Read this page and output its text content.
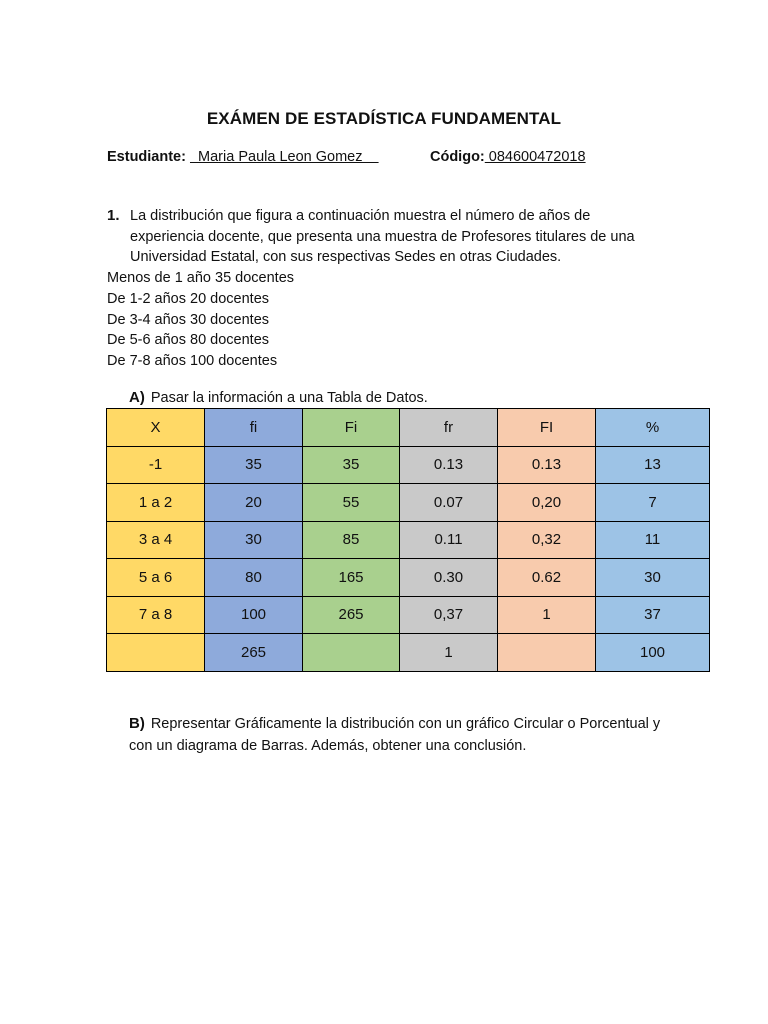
EXÁMEN DE ESTADÍSTICA FUNDAMENTAL
Estudiante:   Maria Paula Leon Gomez	Código: 084600472018
1. La distribución que figura a continuación muestra el número de años de experiencia docente, que presenta una muestra de Profesores titulares de una Universidad Estatal, con sus respectivas Sedes en otras Ciudades.
Menos de 1 año 35 docentes
De 1-2 años 20 docentes
De 3-4 años 30 docentes
De 5-6 años 80 docentes
De 7-8 años 100 docentes
A) Pasar la información a una Tabla de Datos.
X	fi	Fi	fr	FI	%
-1	35	35	0.13	0.13	13
1 a 2	20	55	0.07	0,20	7
3 a 4	30	85	0.11	0,32	11
5 a 6	80	165	0.30	0.62	30
7 a 8	100	265	0,37	1	37
	265		1		100
B) Representar Gráficamente la distribución con un gráfico Circular o Porcentual y con un diagrama de Barras. Además, obtener una conclusión.
